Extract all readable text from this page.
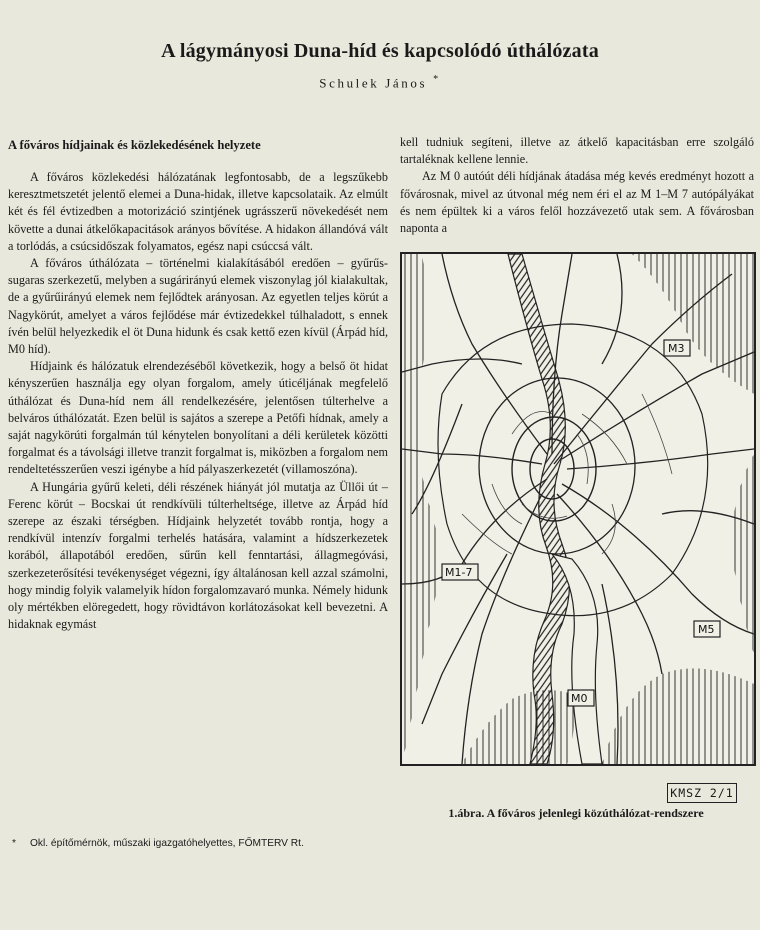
A lágymányosi Duna-híd és kapcsolódó úthálózata
Schulek János *
A főváros hídjainak és közlekedésének helyzete

A főváros közlekedési hálózatának legfontosabb, de a legszűkebb keresztmetszetét jelentő elemei a Duna-hidak, illetve kapcsolataik. Az elmúlt két és fél évtizedben a motorizáció szintjének ugrásszerű növekedését nem követte a dunai átkelőkapacitások arányos bővítése. A hidakon állandóvá vált a torlódás, a csúcsidőszak folyamatos, egész napi csúccsá vált.

A főváros úthálózata – történelmi kialakításából eredően – gyűrűs-sugaras szerkezetű, melyben a sugárirányú elemek viszonylag jól kialakultak, de a gyűrűirányú elemek nem fejlődtek arányosan. Az egyetlen teljes körút a Nagykörút, amelyet a város fejlődése már évtizedekkel túlhaladott, s ennek ívén belül helyezkedik el öt Duna hidunk és csak kettő ezen kívül (Árpád híd, M0 híd).

Hídjaink és hálózatuk elrendezéséből következik, hogy a belső öt hidat kényszerűen használja egy olyan forgalom, amely úticéljának megfelelő úthálózat és Duna-híd nem áll rendelkezésére, jelentősen túlterhelve a belváros úthálózatát. Ezen belül is sajátos a szerepe a Petőfi hídnak, amely a saját nagykörúti forgalmán túl kénytelen bonyolítani a déli kerületek közötti forgalmat és a távolsági illetve tranzit forgalmat is, miközben a forgalom nem rendeltetésszerűen veszi igénybe a híd pályaszerkezetét (villamoszóna).

A Hungária gyűrű keleti, déli részének hiányát jól mutatja az Üllői út – Ferenc körút – Bocskai út rendkívüli túlterheltsége, illetve az Árpád híd szerepe az északi térségben. Hídjaink helyzetét tovább rontja, hogy a rendkívül intenzív forgalmi terhelés hatására, valamint a hídszerkezetek korából, állapotából eredően, sűrűn kell fenntartási, állagmegóvási, szerkezeterősítési tevékenységet végezni, így általánosan kell azzal számolni, hogy mindig folyik valamelyik hídon forgalomzavaró munka. Némely hidunk oly mértékben elöregedett, hogy rövidtávon korlátozásokat kell bevezetni. A hidaknak egymást

kell tudniuk segíteni, illetve az átkelő kapacitásban erre szolgáló tartaléknak kellene lennie.

Az M 0 autóút déli hídjának átadása még kevés eredményt hozott a fővárosnak, mivel az útvonal még nem éri el az M 1–M 7 autópályákat és nem épültek ki a város felől hozzávezető utak sem. A fővárosban naponta a

M3
M1-7
M5
M0
KMSZ 2/1
1.ábra. A főváros jelenlegi közúthálózat-rendszere
* Okl. építőmérnök, műszaki igazgatóhelyettes, FŐMTERV Rt.
